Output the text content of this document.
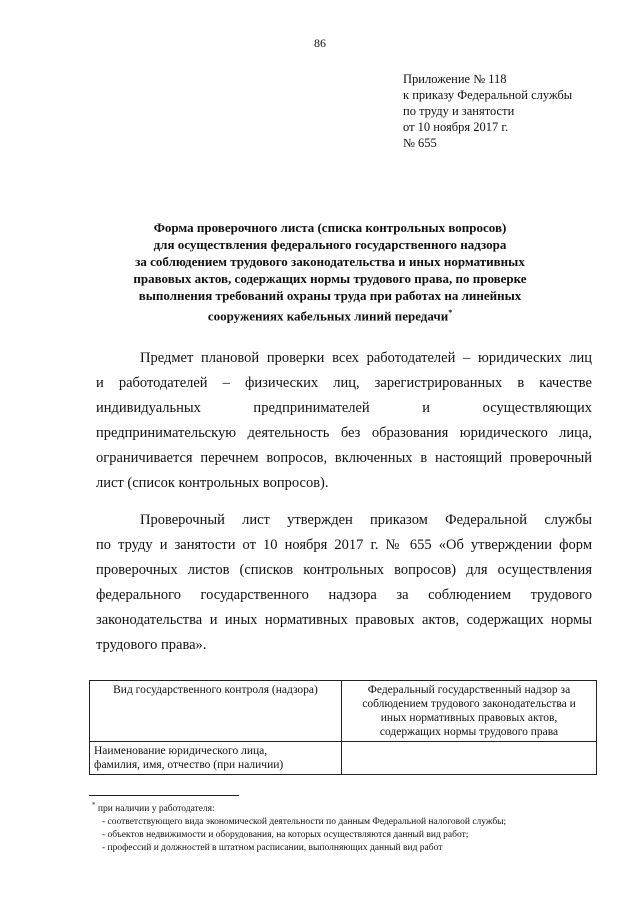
86
Приложение № 118
к приказу Федеральной службы
по труду и занятости
от 10 ноября 2017 г.
№ 655
Форма проверочного листа (списка контрольных вопросов)
для осуществления федерального государственного надзора
за соблюдением трудового законодательства и иных нормативных
правовых актов, содержащих нормы трудового права, по проверке
выполнения требований охраны труда при работах на линейных
сооружениях кабельных линий передачи*
Предмет плановой проверки всех работодателей – юридических лиц
и работодателей – физических лиц, зарегистрированных в качестве
индивидуальных предпринимателей и осуществляющих
предпринимательскую деятельность без образования юридического лица,
ограничивается перечнем вопросов, включенных в настоящий проверочный
лист (список контрольных вопросов).
Проверочный лист утвержден приказом Федеральной службы
по труду и занятости от 10 ноября 2017 г. № 655 «Об утверждении форм
проверочных листов (списков контрольных вопросов) для осуществления
федерального государственного надзора за соблюдением трудового
законодательства и иных нормативных правовых актов, содержащих нормы
трудового права».
Вид государственного контроля (надзора)	Федеральный государственный надзор за
соблюдением трудового законодательства и
иных нормативных правовых актов,
содержащих нормы трудового права

Наименование юридического лица,
фамилия, имя, отчество (при наличии)	

* при наличии у работодателя:
- соответствующего вида экономической деятельности по данным Федеральной налоговой службы;
- объектов недвижимости и оборудования, на которых осуществляются данный вид работ;
- профессий и должностей в штатном расписании, выполняющих данный вид работ
